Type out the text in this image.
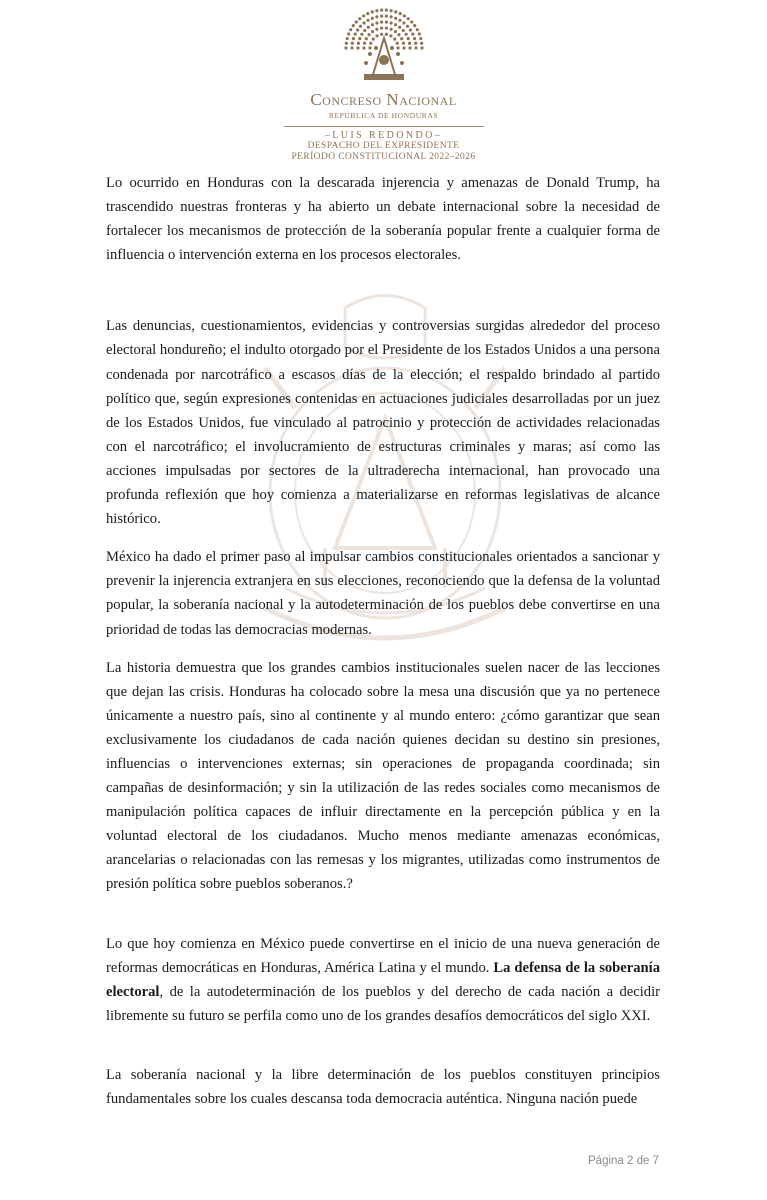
Concreso Nacional
REPÚBLICA DE HONDURAS
–LUIS REDONDO–
DESPACHO DEL EXPRESIDENTE
PERÍODO CONSTITUCIONAL 2022–2026

Lo ocurrido en Honduras con la descarada injerencia y amenazas de Donald Trump, ha trascendido nuestras fronteras y ha abierto un debate internacional sobre la necesidad de fortalecer los mecanismos de protección de la soberanía popular frente a cualquier forma de influencia o intervención externa en los procesos electorales.

Las denuncias, cuestionamientos, evidencias y controversias surgidas alrededor del proceso electoral hondureño; el indulto otorgado por el Presidente de los Estados Unidos a una persona condenada por narcotráfico a escasos días de la elección; el respaldo brindado al partido político que, según expresiones contenidas en actuaciones judiciales desarrolladas por un juez de los Estados Unidos, fue vinculado al patrocinio y protección de actividades relacionadas con el narcotráfico; el involucramiento de estructuras criminales y maras; así como las acciones impulsadas por sectores de la ultraderecha internacional, han provocado una profunda reflexión que hoy comienza a materializarse en reformas legislativas de alcance histórico.

México ha dado el primer paso al impulsar cambios constitucionales orientados a sancionar y prevenir la injerencia extranjera en sus elecciones, reconociendo que la defensa de la voluntad popular, la soberanía nacional y la autodeterminación de los pueblos debe convertirse en una prioridad de todas las democracias modernas.

La historia demuestra que los grandes cambios institucionales suelen nacer de las lecciones que dejan las crisis. Honduras ha colocado sobre la mesa una discusión que ya no pertenece únicamente a nuestro país, sino al continente y al mundo entero: ¿cómo garantizar que sean exclusivamente los ciudadanos de cada nación quienes decidan su destino sin presiones, influencias o intervenciones externas; sin operaciones de propaganda coordinada; sin campañas de desinformación; y sin la utilización de las redes sociales como mecanismos de manipulación política capaces de influir directamente en la percepción pública y en la voluntad electoral de los ciudadanos. Mucho menos mediante amenazas económicas, arancelarias o relacionadas con las remesas y los migrantes, utilizadas como instrumentos de presión política sobre pueblos soberanos.?

Lo que hoy comienza en México puede convertirse en el inicio de una nueva generación de reformas democráticas en Honduras, América Latina y el mundo. La defensa de la soberanía electoral, de la autodeterminación de los pueblos y del derecho de cada nación a decidir libremente su futuro se perfila como uno de los grandes desafíos democráticos del siglo XXI.

La soberanía nacional y la libre determinación de los pueblos constituyen principios fundamentales sobre los cuales descansa toda democracia auténtica. Ninguna nación puede

Página 2 de 7
